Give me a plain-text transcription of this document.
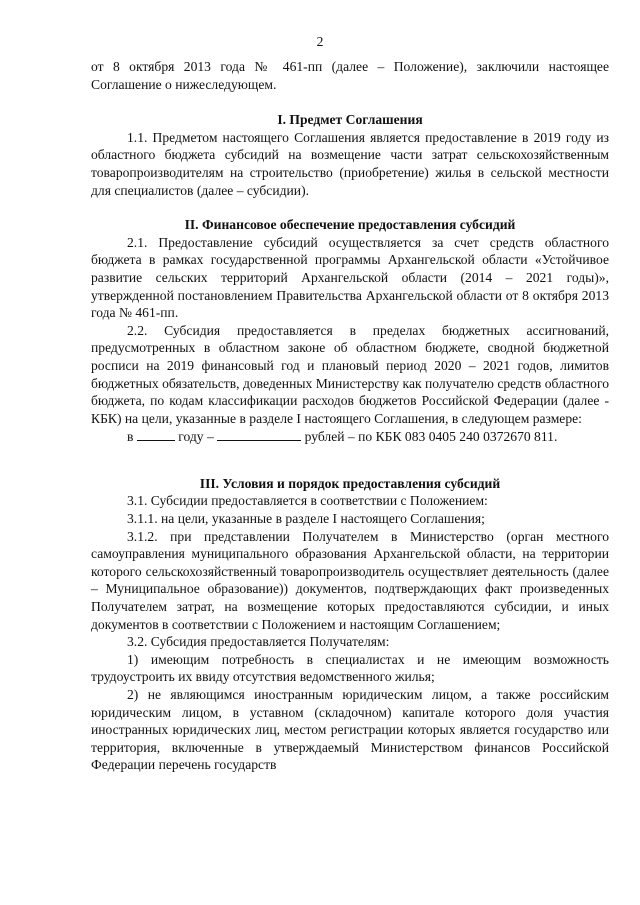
2

от 8 октября 2013 года № 461-пп (далее – Положение), заключили настоящее Соглашение о нижеследующем.

I. Предмет Соглашения

1.1. Предметом настоящего Соглашения является предоставление в 2019 году из областного бюджета субсидий на возмещение части затрат сельскохозяйственным товаропроизводителям на строительство (приобретение) жилья в сельской местности для специалистов (далее – субсидии).

II. Финансовое обеспечение предоставления субсидий

2.1. Предоставление субсидий осуществляется за счет средств областного бюджета в рамках государственной программы Архангельской области «Устойчивое развитие сельских территорий Архангельской области (2014 – 2021 годы)», утвержденной постановлением Правительства Архангельской области от 8 октября 2013 года № 461-пп.

2.2. Субсидия предоставляется в пределах бюджетных ассигнований, предусмотренных в областном законе об областном бюджете, сводной бюджетной росписи на 2019 финансовый год и плановый период 2020 – 2021 годов, лимитов бюджетных обязательств, доведенных Министерству как получателю средств областного бюджета, по кодам классификации расходов бюджетов Российской Федерации (далее - КБК) на цели, указанные в разделе I настоящего Соглашения, в следующем размере:

в	году –	рублей – по КБК 083 0405 240 0372670 811.

III. Условия и порядок предоставления субсидий

3.1. Субсидии предоставляется в соответствии с Положением:

3.1.1. на цели, указанные в разделе I настоящего Соглашения;

3.1.2. при представлении Получателем в Министерство (орган местного самоуправления муниципального образования Архангельской области, на территории которого сельскохозяйственный товаропроизводитель осуществляет деятельность (далее – Муниципальное образование)) документов, подтверждающих факт произведенных Получателем затрат, на возмещение которых предоставляются субсидии, и иных документов в соответствии с Положением и настоящим Соглашением;

3.2. Субсидия предоставляется Получателям:

1) имеющим потребность в специалистах и не имеющим возможность трудоустроить их ввиду отсутствия ведомственного жилья;

2) не являющимся иностранным юридическим лицом, а также российским юридическим лицом, в уставном (складочном) капитале которого доля участия иностранных юридических лиц, местом регистрации которых является государство или территория, включенные в утверждаемый Министерством финансов Российской Федерации перечень государств
